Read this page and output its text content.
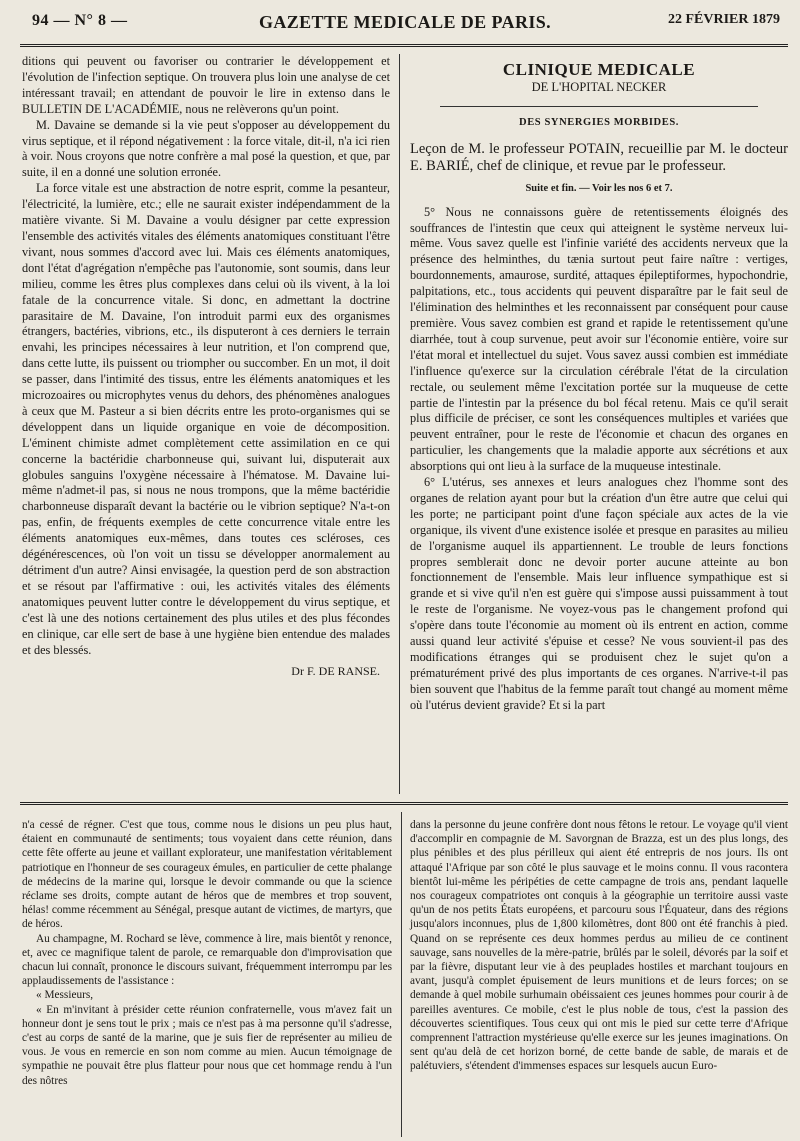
94 — N° 8 —	GAZETTE MEDICALE DE PARIS.	22 FÉVRIER 1879

ditions qui peuvent ou favoriser ou contrarier le développement et l'évolution de l'infection septique. On trouvera plus loin une analyse de cet intéressant travail; en attendant de pouvoir le lire in extenso dans le BULLETIN DE L'ACADÉMIE, nous ne relèverons qu'un point.

M. Davaine se demande si la vie peut s'opposer au développement du virus septique, et il répond négativement : la force vitale, dit-il, n'a ici rien à voir. Nous croyons que notre confrère a mal posé la question, et que, par suite, il en a donné une solution erronée.

La force vitale est une abstraction de notre esprit, comme la pesanteur, l'électricité, la lumière, etc.; elle ne saurait exister indépendamment de la matière vivante. Si M. Davaine a voulu désigner par cette expression l'ensemble des activités vitales des éléments anatomiques constituant l'être vivant, nous sommes d'accord avec lui. Mais ces éléments anatomiques, dont l'état d'agrégation n'empêche pas l'autonomie, sont soumis, dans leur milieu, comme les êtres plus complexes dans celui où ils vivent, à la loi fatale de la concurrence vitale. Si donc, en admettant la doctrine parasitaire de M. Davaine, l'on introduit parmi eux des organismes étrangers, bactéries, vibrions, etc., ils disputeront à ces derniers le terrain envahi, les principes nécessaires à leur nutrition, et l'on comprend que, dans cette lutte, ils puissent ou triompher ou succomber. En un mot, il doit se passer, dans l'intimité des tissus, entre les éléments anatomiques et les microzoaires ou microphytes venus du dehors, des phénomènes analogues à ceux que M. Pasteur a si bien décrits entre les proto-organismes qui se développent dans un liquide organique en voie de décomposition. L'éminent chimiste admet complètement cette assimilation en ce qui concerne la bactéridie charbonneuse qui, suivant lui, disputerait aux globules sanguins l'oxygène nécessaire à l'hématose. M. Davaine lui-même n'admet-il pas, si nous ne nous trompons, que la même bactéridie charbonneuse disparaît devant la bactérie ou le vibrion septique? N'a-t-on pas, enfin, de fréquents exemples de cette concurrence vitale entre les éléments anatomiques eux-mêmes, dans toutes ces scléroses, ces dégénérescences, où l'on voit un tissu se développer anormalement au détriment d'un autre? Ainsi envisagée, la question perd de son abstraction et se résout par l'affirmative : oui, les activités vitales des éléments anatomiques peuvent lutter contre le développement du virus septique, et c'est là une des notions certainement des plus utiles et des plus fécondes en clinique, car elle sert de base à une hygiène bien entendue des malades et des blessés.

Dr F. DE RANSE.
CLINIQUE MEDICALE
DE L'HOPITAL NECKER
DES SYNERGIES MORBIDES.
Leçon de M. le professeur POTAIN, recueillie par M. le docteur E. BARIÉ, chef de clinique, et revue par le professeur.
Suite et fin. — Voir les nos 6 et 7.

5° Nous ne connaissons guère de retentissements éloignés des souffrances de l'intestin que ceux qui atteignent le système nerveux lui-même. Vous savez quelle est l'infinie variété des accidents nerveux que la présence des helminthes, du tænia surtout peut faire naître : vertiges, bourdonnements, amaurose, surdité, attaques épileptiformes, hypochondrie, palpitations, etc., tous accidents qui peuvent disparaître par le fait seul de l'élimination des helminthes et les reconnaissent par conséquent pour cause première. Vous savez combien est grand et rapide le retentissement qu'une diarrhée, tout à coup survenue, peut avoir sur l'économie entière, voire sur l'état moral et intellectuel du sujet. Vous savez aussi combien est immédiate l'influence qu'exerce sur la circulation cérébrale l'état de la circulation rectale, ou seulement même l'excitation portée sur la muqueuse de cette partie de l'intestin par la présence du bol fécal retenu. Mais ce qu'il serait plus difficile de préciser, ce sont les conséquences multiples et variées que peuvent entraîner, pour le reste de l'économie et chacun des organes en particulier, les changements que la maladie apporte aux sécrétions et aux absorptions qui ont lieu à la surface de la muqueuse intestinale.

6° L'utérus, ses annexes et leurs analogues chez l'homme sont des organes de relation ayant pour but la création d'un être autre que celui qui les porte; ne participant point d'une façon spéciale aux actes de la vie organique, ils vivent d'une existence isolée et presque en parasites au milieu de l'organisme auquel ils appartiennent. Le trouble de leurs fonctions propres semblerait donc ne devoir porter aucune atteinte au bon fonctionnement de l'ensemble. Mais leur influence sympathique est si grande et si vive qu'il n'en est guère qui s'impose aussi puissamment à tout le reste de l'organisme. Ne voyez-vous pas le changement profond qui s'opère dans toute l'économie au moment où ils entrent en action, comme aussi quand leur activité s'épuise et cesse? Ne vous souvient-il pas des modifications étranges qui se produisent chez le sujet qu'on a prématurément privé des plus importants de ces organes. N'arrive-t-il pas bien souvent que l'habitus de la femme paraît tout changé au moment même où l'utérus devient gravide? Et si la part

n'a cessé de régner. C'est que tous, comme nous le disions un peu plus haut, étaient en communauté de sentiments; tous voyaient dans cette réunion, dans cette fête offerte au jeune et vaillant explorateur, une manifestation véritablement patriotique en l'honneur de ses courageux émules, en particulier de cette phalange de médecins de la marine qui, lorsque le devoir commande ou que la science réclame ses droits, compte autant de héros que de membres et trop souvent, hélas! comme récemment au Sénégal, presque autant de victimes, de martyrs, que de héros.

Au champagne, M. Rochard se lève, commence à lire, mais bientôt y renonce, et, avec ce magnifique talent de parole, ce remarquable don d'improvisation que chacun lui connaît, prononce le discours suivant, fréquemment interrompu par les applaudissements de l'assistance :

« Messieurs,

« En m'invitant à présider cette réunion confraternelle, vous m'avez fait un honneur dont je sens tout le prix ; mais ce n'est pas à ma personne qu'il s'adresse, c'est au corps de santé de la marine, que je suis fier de représenter au milieu de vous. Je vous en remercie en son nom comme au mien. Aucun témoignage de sympathie ne pouvait être plus flatteur pour nous que cet hommage rendu à l'un des nôtres

dans la personne du jeune confrère dont nous fêtons le retour. Le voyage qu'il vient d'accomplir en compagnie de M. Savorgnan de Brazza, est un des plus longs, des plus pénibles et des plus périlleux qui aient été entrepris de nos jours. Ils ont attaqué l'Afrique par son côté le plus sauvage et le moins connu. Il vous racontera bientôt lui-même les péripéties de cette campagne de trois ans, pendant laquelle nos courageux compatriotes ont conquis à la géographie un territoire aussi vaste qu'un de nos petits États européens, et parcouru sous l'Équateur, dans des régions jusqu'alors inconnues, plus de 1,800 kilomètres, dont 800 ont été franchis à pied. Quand on se représente ces deux hommes perdus au milieu de ce continent sauvage, sans nouvelles de la mère-patrie, brûlés par le soleil, dévorés par la soif et par la fièvre, disputant leur vie à des peuplades hostiles et marchant toujours en avant, jusqu'à complet épuisement de leurs munitions et de leurs forces; on se demande à quel mobile surhumain obéissaient ces jeunes hommes pour courir à de pareilles aventures. Ce mobile, c'est le plus noble de tous, c'est la passion des découvertes scientifiques. Tous ceux qui ont mis le pied sur cette terre d'Afrique comprennent l'attraction mystérieuse qu'elle exerce sur les jeunes imaginations. On sent qu'au delà de cet horizon borné, de cette bande de sable, de marais et de palétuviers, s'étendent d'immenses espaces sur lesquels aucun Euro-
